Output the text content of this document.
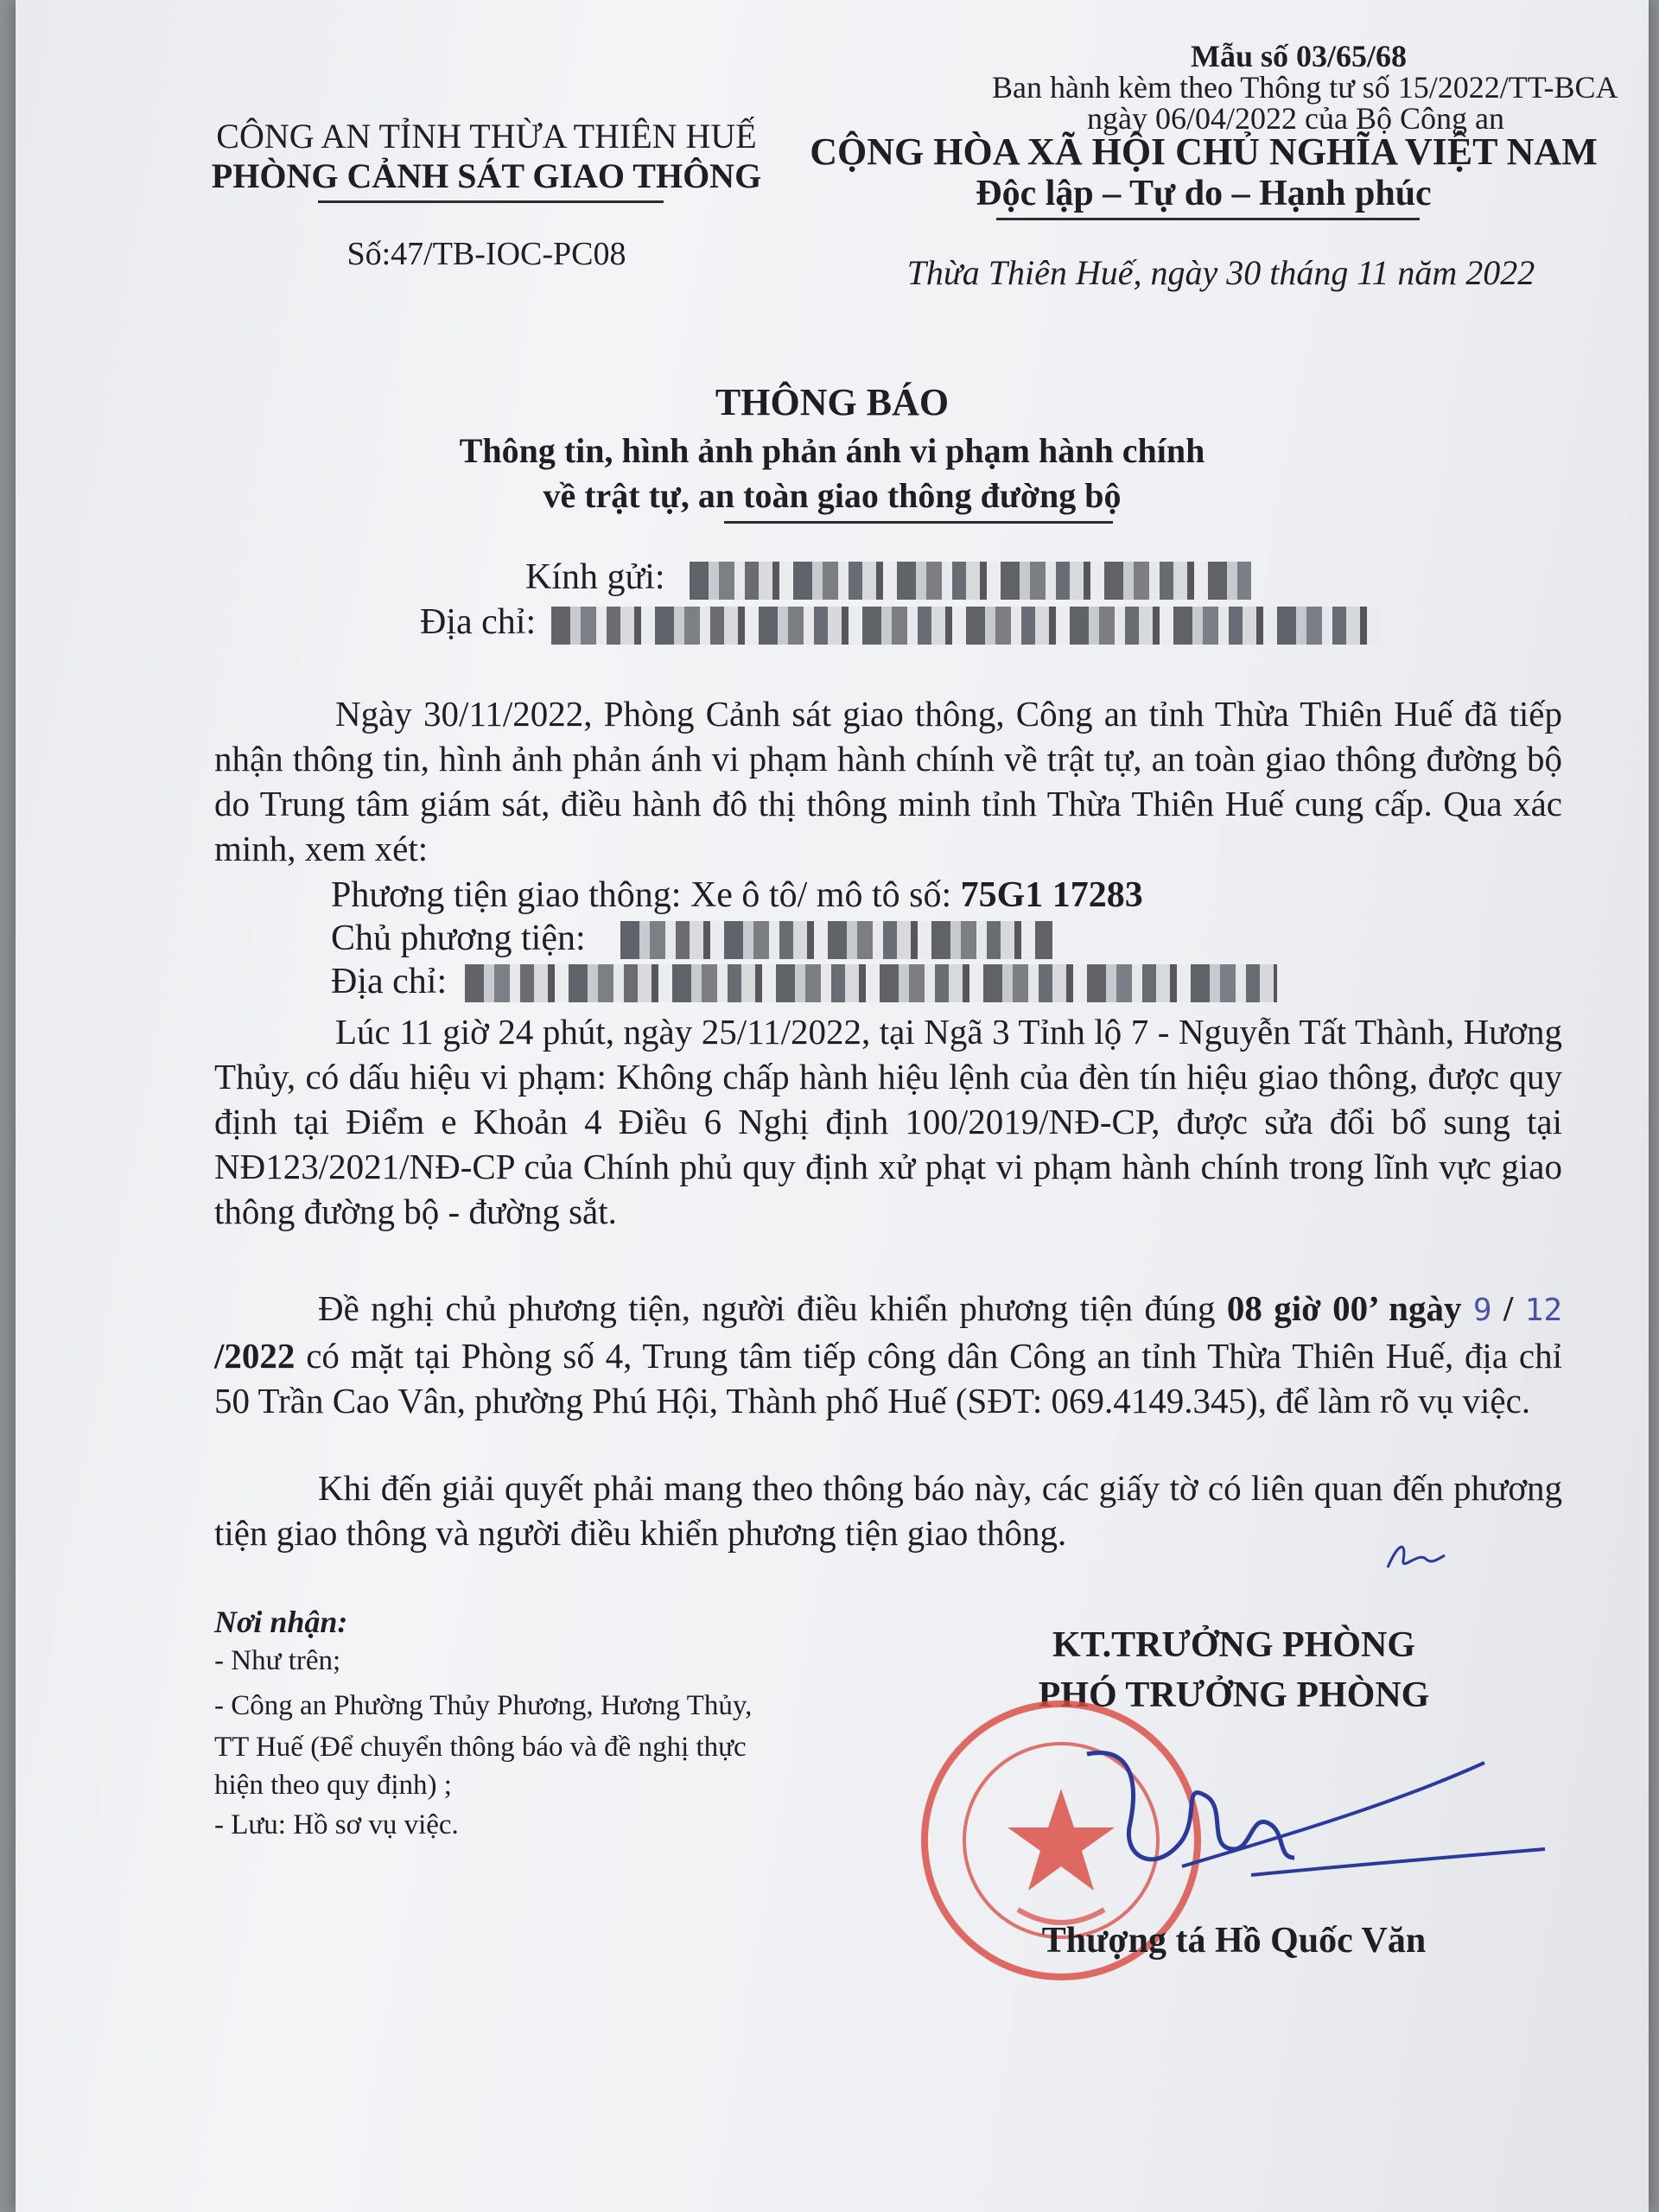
Mẫu số 03/65/68
Ban hành kèm theo Thông tư số 15/2022/TT-BCA
ngày 06/04/2022 của Bộ Công an
CÔNG AN TỈNH THỪA THIÊN HUẾ
PHÒNG CẢNH SÁT GIAO THÔNG
Số:47/TB-IOC-PC08
CỘNG HÒA XÃ HỘI CHỦ NGHĨA VIỆT NAM
Độc lập – Tự do – Hạnh phúc
Thừa Thiên Huế, ngày 30 tháng 11 năm 2022
THÔNG BÁO
Thông tin, hình ảnh phản ánh vi phạm hành chính
về trật tự, an toàn giao thông đường bộ
Kính gửi:
Địa chỉ:
Ngày 30/11/2022, Phòng Cảnh sát giao thông, Công an tỉnh Thừa Thiên Huế đã tiếp nhận thông tin, hình ảnh phản ánh vi phạm hành chính về trật tự, an toàn giao thông đường bộ do Trung tâm giám sát, điều hành đô thị thông minh tỉnh Thừa Thiên Huế cung cấp. Qua xác minh, xem xét:
Phương tiện giao thông: Xe ô tô/ mô tô số: 75G1 17283
Chủ phương tiện:
Địa chỉ:
Lúc 11 giờ 24 phút, ngày 25/11/2022, tại Ngã 3 Tỉnh lộ 7 - Nguyễn Tất Thành, Hương Thủy, có dấu hiệu vi phạm: Không chấp hành hiệu lệnh của đèn tín hiệu giao thông, được quy định tại Điểm e Khoản 4 Điều 6 Nghị định 100/2019/NĐ-CP, được sửa đổi bổ sung tại NĐ123/2021/NĐ-CP của Chính phủ quy định xử phạt vi phạm hành chính trong lĩnh vực giao thông đường bộ - đường sắt.
Đề nghị chủ phương tiện, người điều khiển phương tiện đúng 08 giờ 00’ ngày 9 / 12 /2022 có mặt tại Phòng số 4, Trung tâm tiếp công dân Công an tỉnh Thừa Thiên Huế, địa chỉ 50 Trần Cao Vân, phường Phú Hội, Thành phố Huế (SĐT: 069.4149.345), để làm rõ vụ việc.
Khi đến giải quyết phải mang theo thông báo này, các giấy tờ có liên quan đến phương tiện giao thông và người điều khiển phương tiện giao thông.
Nơi nhận:
- Như trên;
- Công an Phường Thủy Phương, Hương Thủy,
TT Huế (Để chuyển thông báo và đề nghị thực
hiện theo quy định) ;
- Lưu: Hồ sơ vụ việc.
KT.TRƯỞNG PHÒNG
PHÓ TRƯỞNG PHÒNG
Thượng tá Hồ Quốc Văn
